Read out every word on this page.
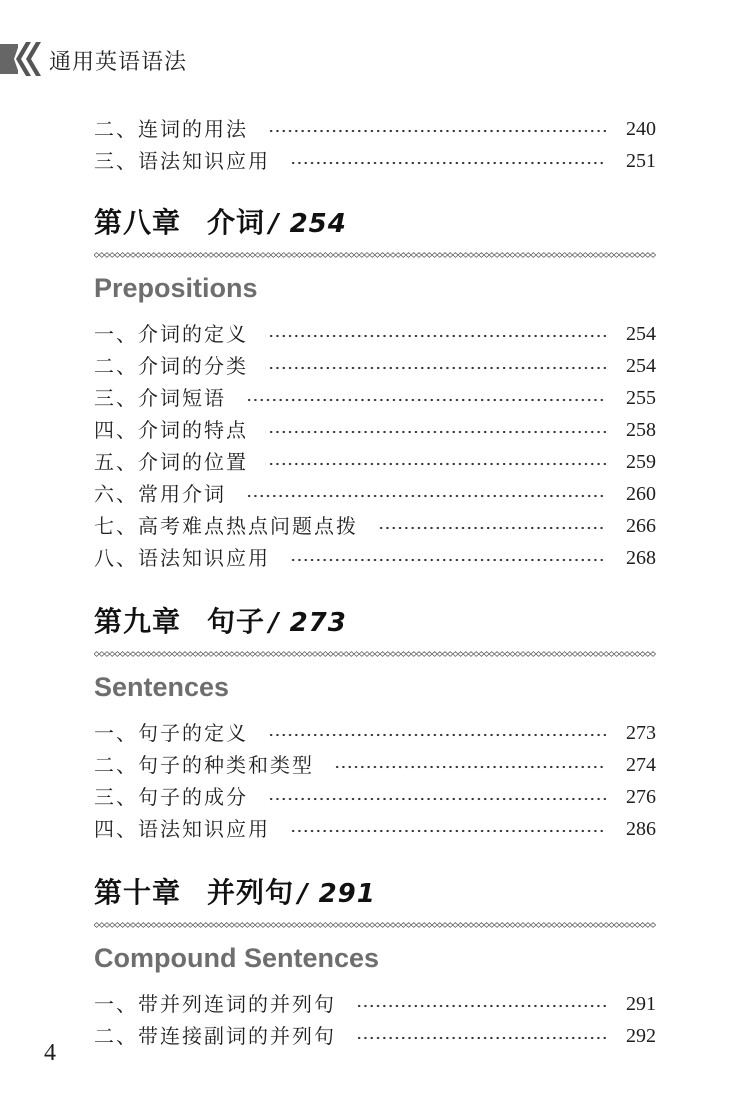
通用英语语法
二、连词的用法	240
三、语法知识应用	251
第八章 介词 / 254
Prepositions
一、介词的定义	254
二、介词的分类	254
三、介词短语	255
四、介词的特点	258
五、介词的位置	259
六、常用介词	260
七、高考难点热点问题点拨	266
八、语法知识应用	268
第九章 句子 / 273
Sentences
一、句子的定义	273
二、句子的种类和类型	274
三、句子的成分	276
四、语法知识应用	286
第十章 并列句 / 291
Compound Sentences
一、带并列连词的并列句	291
二、带连接副词的并列句	292
4
